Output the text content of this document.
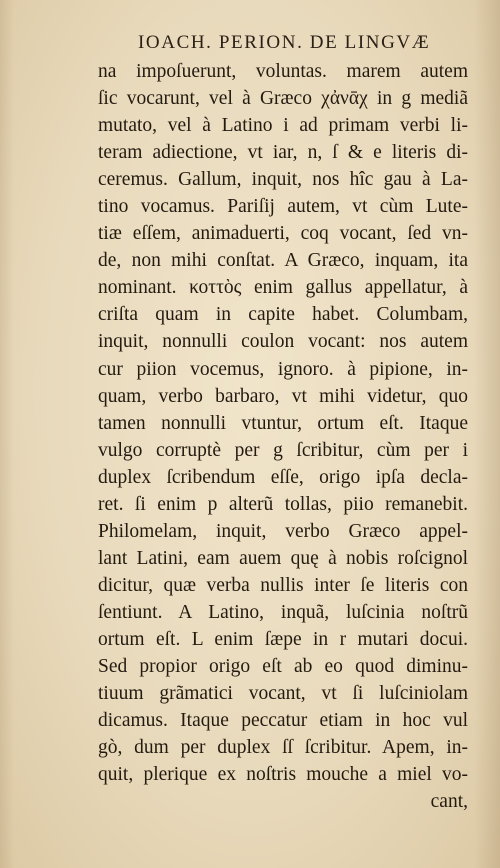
IOACH. PERION. DE LINGVÆ
na impoſuerunt, voluntas. marem autem
ſic vocarunt, vel à Græco χἀνᾱχ in g mediã
mutato, vel à Latino i ad primam verbi li-
teram adiectione, vt iar, n, ſ & e literis di-
ceremus. Gallum, inquit, nos hîc gau à La-
tino vocamus. Pariſij autem, vt cùm Lute-
tiæ eſſem, animaduerti, coq vocant, ſed vn-
de, non mihi conſtat. A Græco, inquam, ita
nominant. κοττὸς enim gallus appellatur, à
criſta quam in capite habet. Columbam,
inquit, nonnulli coulon vocant: nos autem
cur piion vocemus, ignoro. à pipione, in-
quam, verbo barbaro, vt mihi videtur, quo
tamen nonnulli vtuntur, ortum eſt. Itaque
vulgo corruptè per g ſcribitur, cùm per i
duplex ſcribendum eſſe, origo ipſa decla-
ret. ſi enim p alterũ tollas, piio remanebit.
Philomelam, inquit, verbo Græco appel-
lant Latini, eam auem quę à nobis roſcignol
dicitur, quæ verba nullis inter ſe literis con
ſentiunt. A Latino, inquã, luſcinia noſtrũ
ortum eſt. L enim ſæpe in r mutari docui.
Sed propior origo eſt ab eo quod diminu-
tiuum grãmatici vocant, vt ſi luſciniolam
dicamus. Itaque peccatur etiam in hoc vul
gò, dum per duplex ſſ ſcribitur. Apem, in-
quit, plerique ex noſtris mouche a miel vo-
cant,
